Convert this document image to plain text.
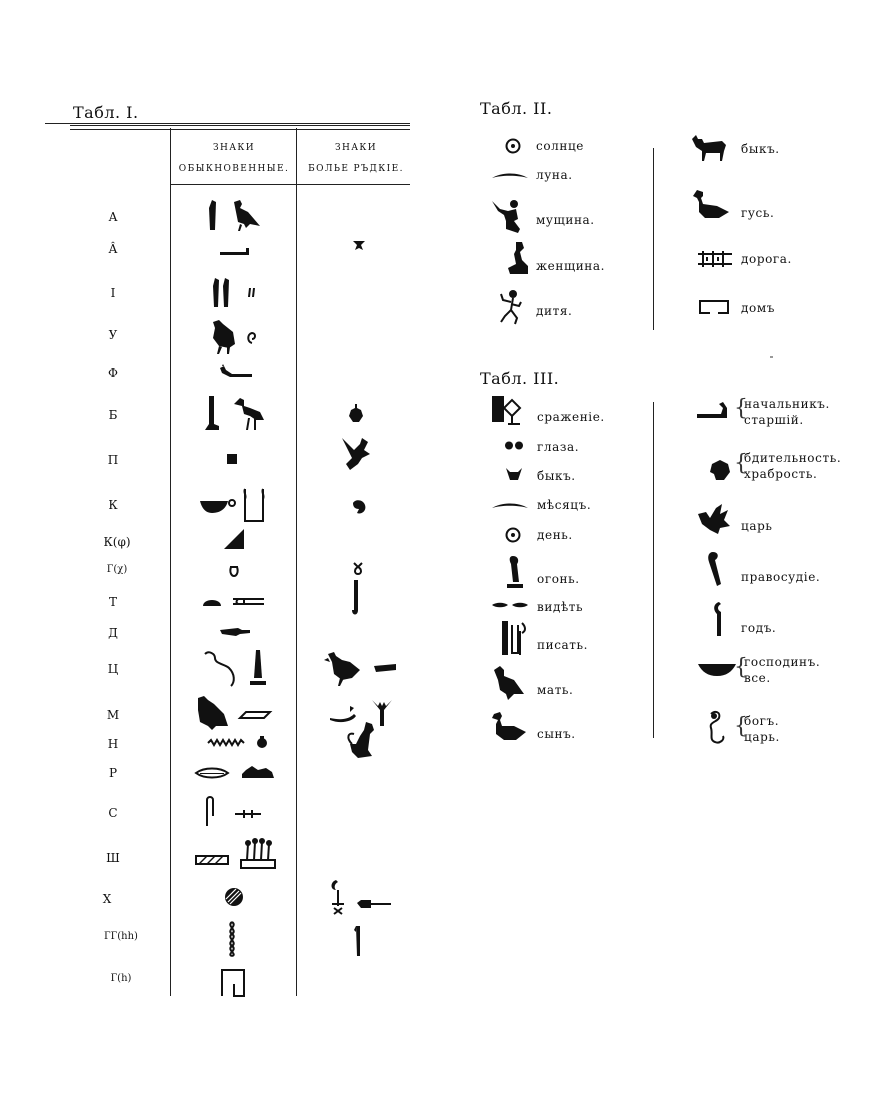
Табл. I.
ЗНАКИ
ОБЫКНОВЕННЫЕ.
ЗНАКИ
БОЛЬЕ РЪДКІЕ.
А
Â
I
У
Ф
Б
П
К
К(φ)
Г(χ)
Т
Д
Ц
М
Н
Р
С
Ш
Х
ГГ(hh)
Г(h)
Табл. II.
солнце
луна.
мущина.
женщина.
дитя.
быкъ.
гусь.
дорога.
домъ
Табл. III.
сраженіе.
глаза.
быкъ.
мѣсяцъ.
день.
огонь.
видѣть
писать.
мать.
сынъ.
{
начальникъ.
старшій.
{
бдительность.
храбрость.
царь
правосудіе.
годъ.
{
господинъ.
все.
{
богъ.
царь.
